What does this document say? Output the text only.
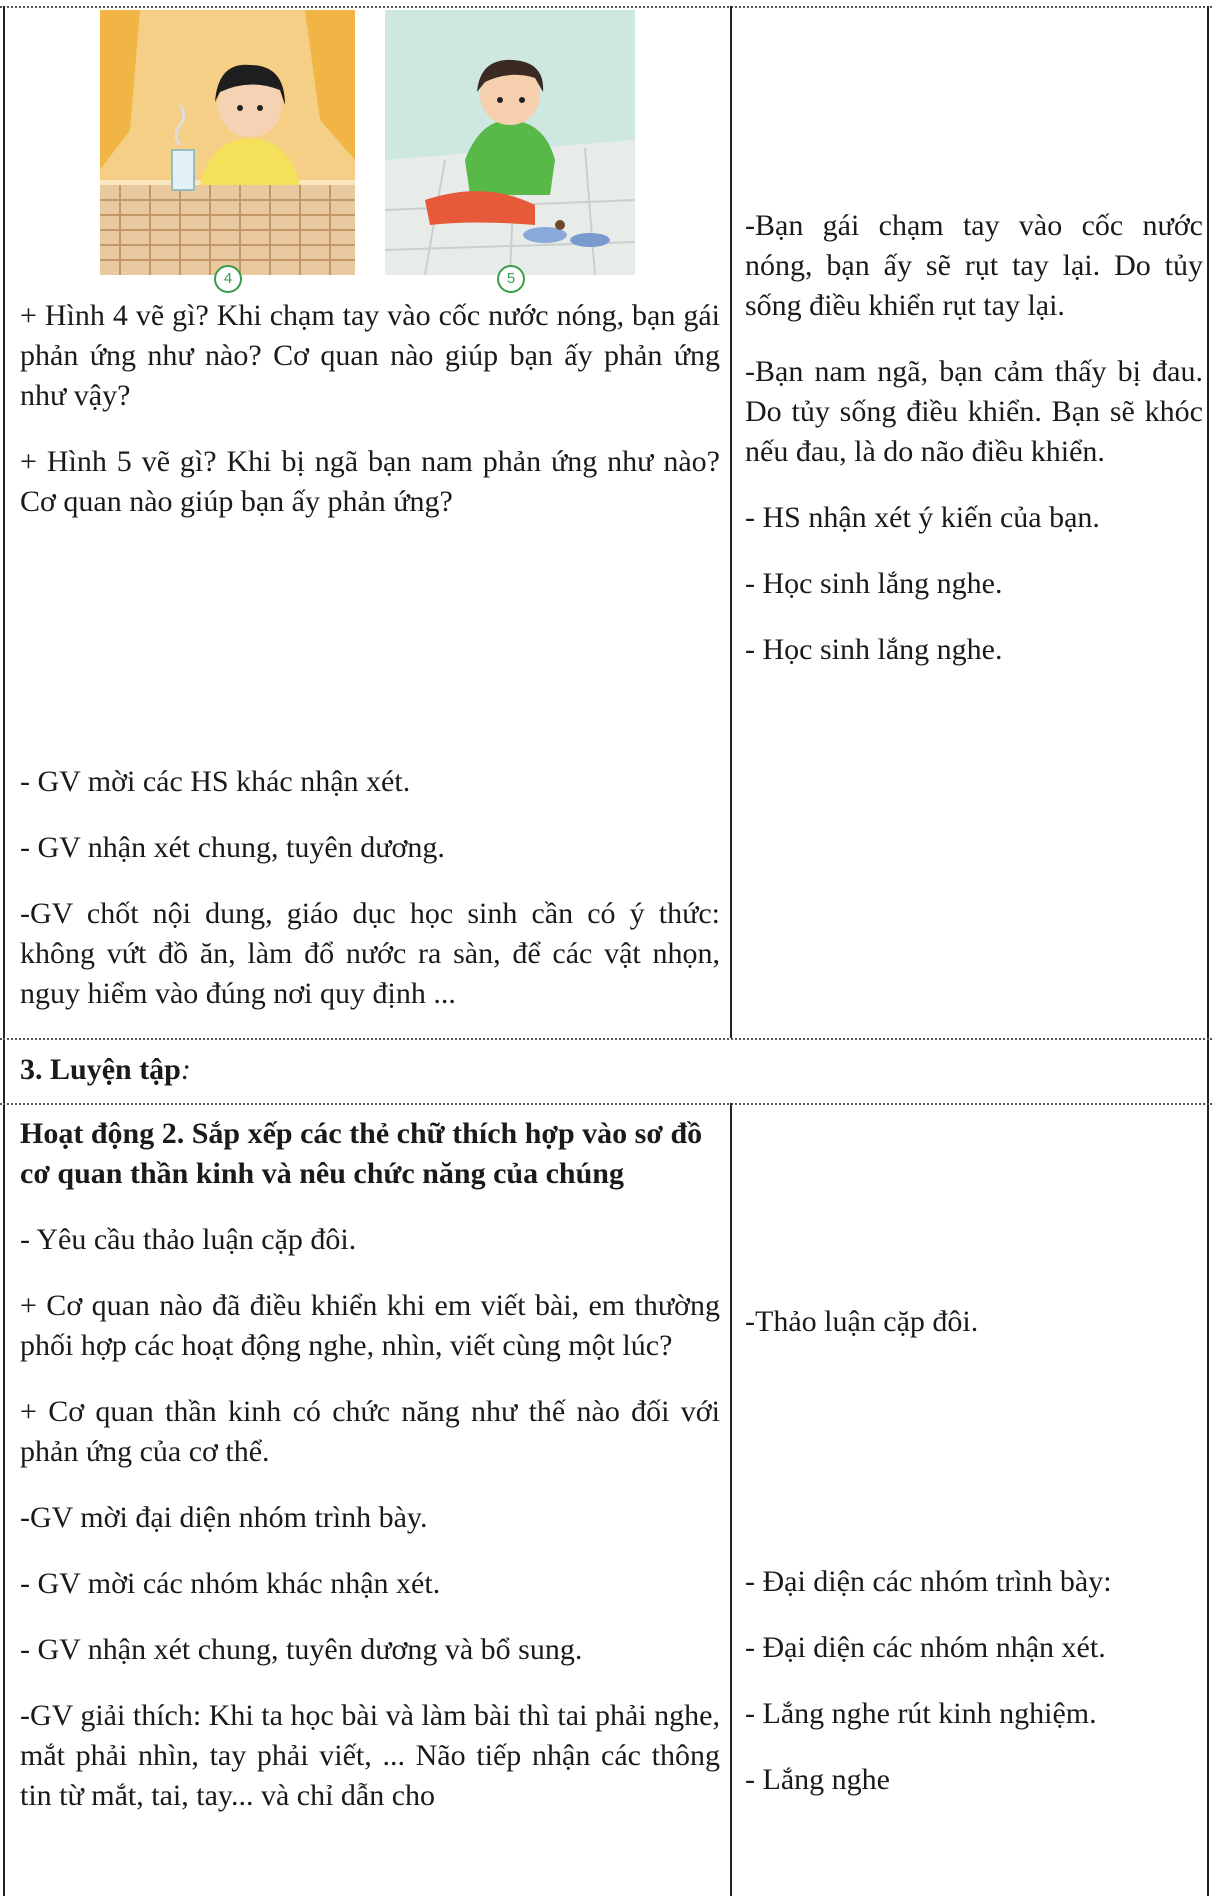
4	5

+ Hình 4 vẽ gì? Khi chạm tay vào cốc nước nóng, bạn gái phản ứng như nào? Cơ quan nào giúp bạn ấy phản ứng như vậy?

+ Hình 5 vẽ gì? Khi bị ngã bạn nam phản ứng như nào? Cơ quan nào giúp bạn ấy phản ứng?

- GV mời các HS khác nhận xét.

- GV nhận xét chung, tuyên dương.

-GV chốt nội dung, giáo dục học sinh cần có ý thức: không vứt đồ ăn, làm đổ nước ra sàn, để các vật nhọn, nguy hiểm vào đúng nơi quy định ...

-Bạn gái chạm tay vào cốc nước nóng, bạn ấy sẽ rụt tay lại. Do tủy sống điều khiển rụt tay lại.

-Bạn nam ngã, bạn cảm thấy bị đau. Do tủy sống điều khiển. Bạn sẽ khóc nếu đau, là do não điều khiển.

- HS nhận xét ý kiến của bạn.

- Học sinh lắng nghe.

- Học sinh lắng nghe.

3. Luyện tập:

Hoạt động 2. Sắp xếp các thẻ chữ thích hợp vào sơ đồ cơ quan thần kinh và nêu chức năng của chúng

- Yêu cầu thảo luận cặp đôi.

+ Cơ quan nào đã điều khiển khi em viết bài, em thường phối hợp các hoạt động nghe, nhìn, viết cùng một lúc?

+ Cơ quan thần kinh có chức năng như thế nào đối với phản ứng của cơ thể.

-GV mời đại diện nhóm trình bày.

- GV mời các nhóm khác nhận xét.

- GV nhận xét chung, tuyên dương và bổ sung.

-GV giải thích: Khi ta học bài và làm bài thì tai phải nghe, mắt phải nhìn, tay phải viết, ... Não tiếp nhận các thông tin từ mắt, tai, tay... và chỉ dẫn cho

-Thảo luận cặp đôi.

- Đại diện các nhóm trình bày:

- Đại diện các nhóm nhận xét.

- Lắng nghe rút kinh nghiệm.

- Lắng nghe
